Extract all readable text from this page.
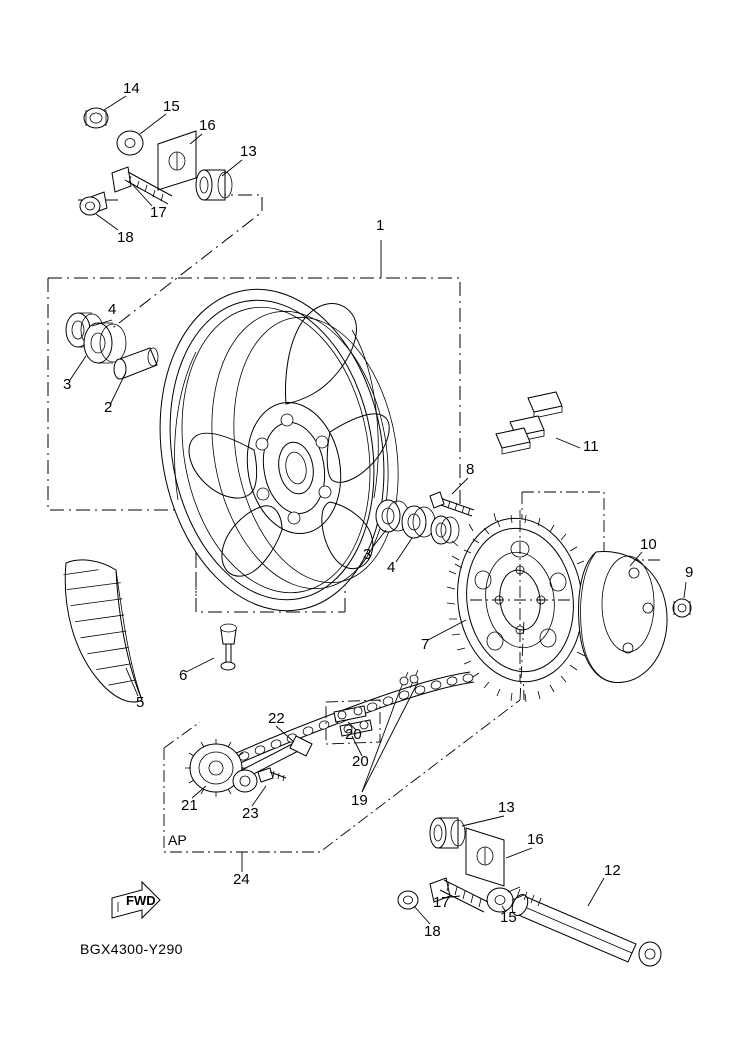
1
2
3
4
5
6
7
8
9
10
11
12
13
14
15
16
17
18
3
4
19
20
20
21
22
23
24
13
16
15
17
18
AP
FWD
BGX4300-Y290
